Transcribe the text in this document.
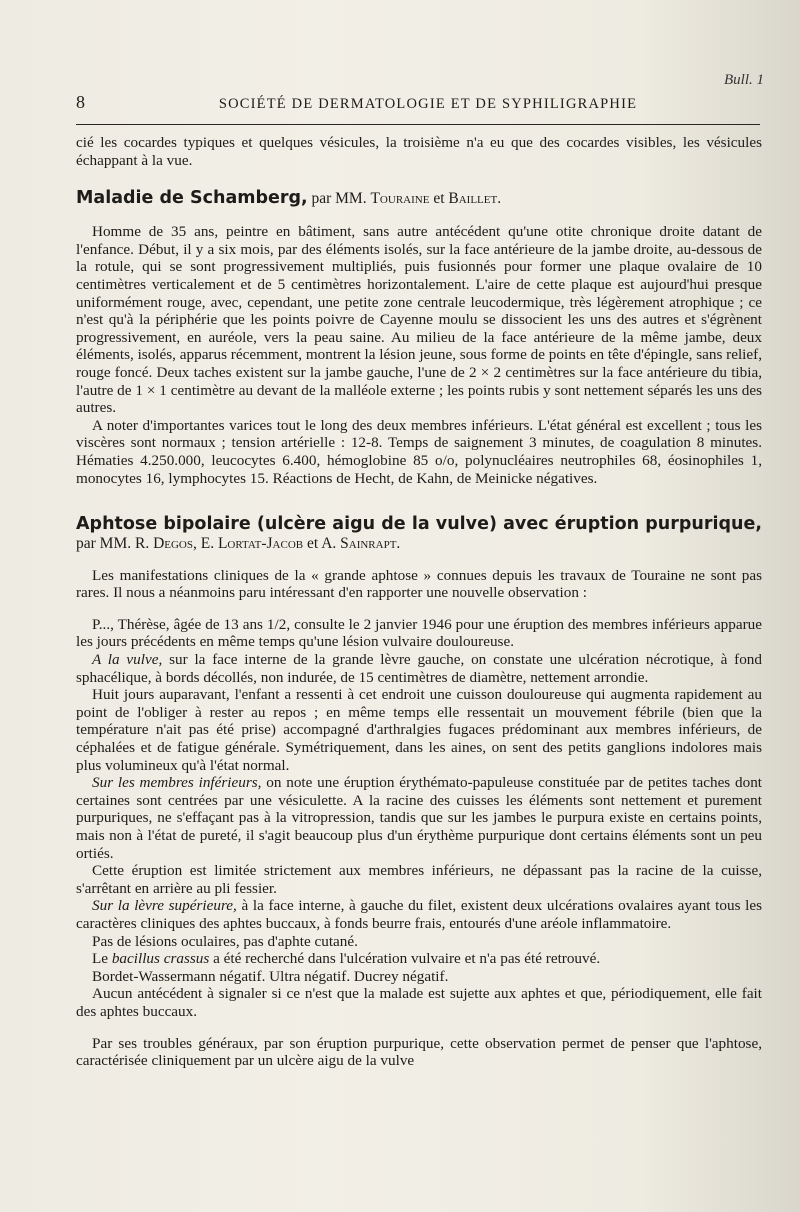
Bull. 1
8	SOCIÉTÉ DE DERMATOLOGIE ET DE SYPHILIGRAPHIE

cié les cocardes typiques et quelques vésicules, la troisième n'a eu que des cocardes visibles, les vésicules échappant à la vue.

Maladie de Schamberg, par MM. Touraine et Baillet.

Homme de 35 ans, peintre en bâtiment, sans autre antécédent qu'une otite chronique droite datant de l'enfance. Début, il y a six mois, par des éléments isolés, sur la face antérieure de la jambe droite, au-dessous de la rotule, qui se sont progressivement multipliés, puis fusionnés pour former une plaque ovalaire de 10 centimètres verticalement et de 5 centimètres horizontalement. L'aire de cette plaque est aujourd'hui presque uniformément rouge, avec, cependant, une petite zone centrale leucodermique, très légèrement atrophique ; ce n'est qu'à la périphérie que les points poivre de Cayenne moulu se dissocient les uns des autres et s'égrènent progressivement, en auréole, vers la peau saine. Au milieu de la face antérieure de la même jambe, deux éléments, isolés, apparus récemment, montrent la lésion jeune, sous forme de points en tête d'épingle, sans relief, rouge foncé. Deux taches existent sur la jambe gauche, l'une de 2 × 2 centimètres sur la face antérieure du tibia, l'autre de 1 × 1 centimètre au devant de la malléole externe ; les points rubis y sont nettement séparés les uns des autres.

A noter d'importantes varices tout le long des deux membres inférieurs. L'état général est excellent ; tous les viscères sont normaux ; tension artérielle : 12-8. Temps de saignement 3 minutes, de coagulation 8 minutes. Hématies 4.250.000, leucocytes 6.400, hémoglobine 85 o/o, polynucléaires neutrophiles 68, éosinophiles 1, monocytes 16, lymphocytes 15. Réactions de Hecht, de Kahn, de Meinicke négatives.

Aphtose bipolaire (ulcère aigu de la vulve) avec éruption purpurique, par MM. R. Degos, E. Lortat-Jacob et A. Sainrapt.

Les manifestations cliniques de la « grande aphtose » connues depuis les travaux de Touraine ne sont pas rares. Il nous a néanmoins paru intéressant d'en rapporter une nouvelle observation :

P..., Thérèse, âgée de 13 ans 1/2, consulte le 2 janvier 1946 pour une éruption des membres inférieurs apparue les jours précédents en même temps qu'une lésion vulvaire douloureuse.

A la vulve, sur la face interne de la grande lèvre gauche, on constate une ulcération nécrotique, à fond sphacélique, à bords décollés, non indurée, de 15 centimètres de diamètre, nettement arrondie.

Huit jours auparavant, l'enfant a ressenti à cet endroit une cuisson douloureuse qui augmenta rapidement au point de l'obliger à rester au repos ; en même temps elle ressentait un mouvement fébrile (bien que la température n'ait pas été prise) accompagné d'arthralgies fugaces prédominant aux membres inférieurs, de céphalées et de fatigue générale. Symétriquement, dans les aines, on sent des petits ganglions indolores mais plus volumineux qu'à l'état normal.

Sur les membres inférieurs, on note une éruption érythémato-papuleuse constituée par de petites taches dont certaines sont centrées par une vésiculette. A la racine des cuisses les éléments sont nettement et purement purpuriques, ne s'effaçant pas à la vitropression, tandis que sur les jambes le purpura existe en certains points, mais non à l'état de pureté, il s'agit beaucoup plus d'un érythème purpurique dont certains éléments sont un peu ortiés.

Cette éruption est limitée strictement aux membres inférieurs, ne dépassant pas la racine de la cuisse, s'arrêtant en arrière au pli fessier.

Sur la lèvre supérieure, à la face interne, à gauche du filet, existent deux ulcérations ovalaires ayant tous les caractères cliniques des aphtes buccaux, à fonds beurre frais, entourés d'une aréole inflammatoire.

Pas de lésions oculaires, pas d'aphte cutané.

Le bacillus crassus a été recherché dans l'ulcération vulvaire et n'a pas été retrouvé.

Bordet-Wassermann négatif. Ultra négatif. Ducrey négatif.

Aucun antécédent à signaler si ce n'est que la malade est sujette aux aphtes et que, périodiquement, elle fait des aphtes buccaux.

Par ses troubles généraux, par son éruption purpurique, cette observation permet de penser que l'aphtose, caractérisée cliniquement par un ulcère aigu de la vulve
